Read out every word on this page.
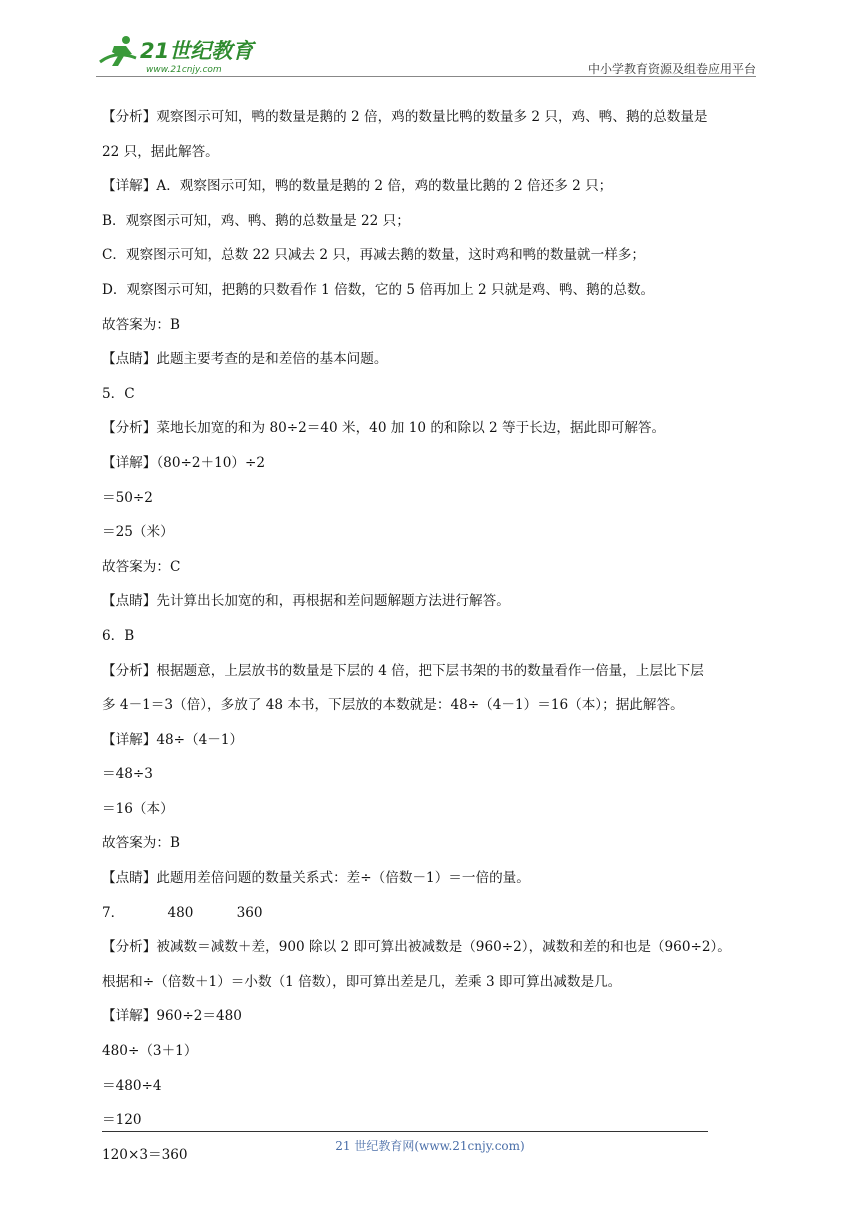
21世纪教育
www.21cnjy.com	中小学教育资源及组卷应用平台
【分析】观察图示可知，鸭的数量是鹅的 2 倍，鸡的数量比鸭的数量多 2 只，鸡、鸭、鹅的总数量是
22 只，据此解答。
【详解】A．观察图示可知，鸭的数量是鹅的 2 倍，鸡的数量比鹅的 2 倍还多 2 只；
B．观察图示可知，鸡、鸭、鹅的总数量是 22 只；
C．观察图示可知，总数 22 只减去 2 只，再减去鹅的数量，这时鸡和鸭的数量就一样多；
D．观察图示可知，把鹅的只数看作 1 倍数，它的 5 倍再加上 2 只就是鸡、鸭、鹅的总数。
故答案为：B
【点睛】此题主要考查的是和差倍的基本问题。
5．C
【分析】菜地长加宽的和为 80÷2＝40 米，40 加 10 的和除以 2 等于长边，据此即可解答。
【详解】（80÷2＋10）÷2
＝50÷2
＝25（米）
故答案为：C
【点睛】先计算出长加宽的和，再根据和差问题解题方法进行解答。
6．B
【分析】根据题意，上层放书的数量是下层的 4 倍，把下层书架的书的数量看作一倍量，上层比下层
多 4－1＝3（倍），多放了 48 本书，下层放的本数就是：48÷（4－1）＝16（本）；据此解答。
【详解】48÷（4－1）
＝48÷3
＝16（本）
故答案为：B
【点睛】此题用差倍问题的数量关系式：差÷（倍数－1）＝一倍的量。
7．          480          360
【分析】被减数＝减数＋差，900 除以 2 即可算出被减数是（960÷2），减数和差的和也是（960÷2）。
根据和÷（倍数＋1）＝小数（1 倍数），即可算出差是几，差乘 3 即可算出减数是几。
【详解】960÷2＝480
480÷（3＋1）
＝480÷4
＝120
120×3＝360
21 世纪教育网(www.21cnjy.com)
